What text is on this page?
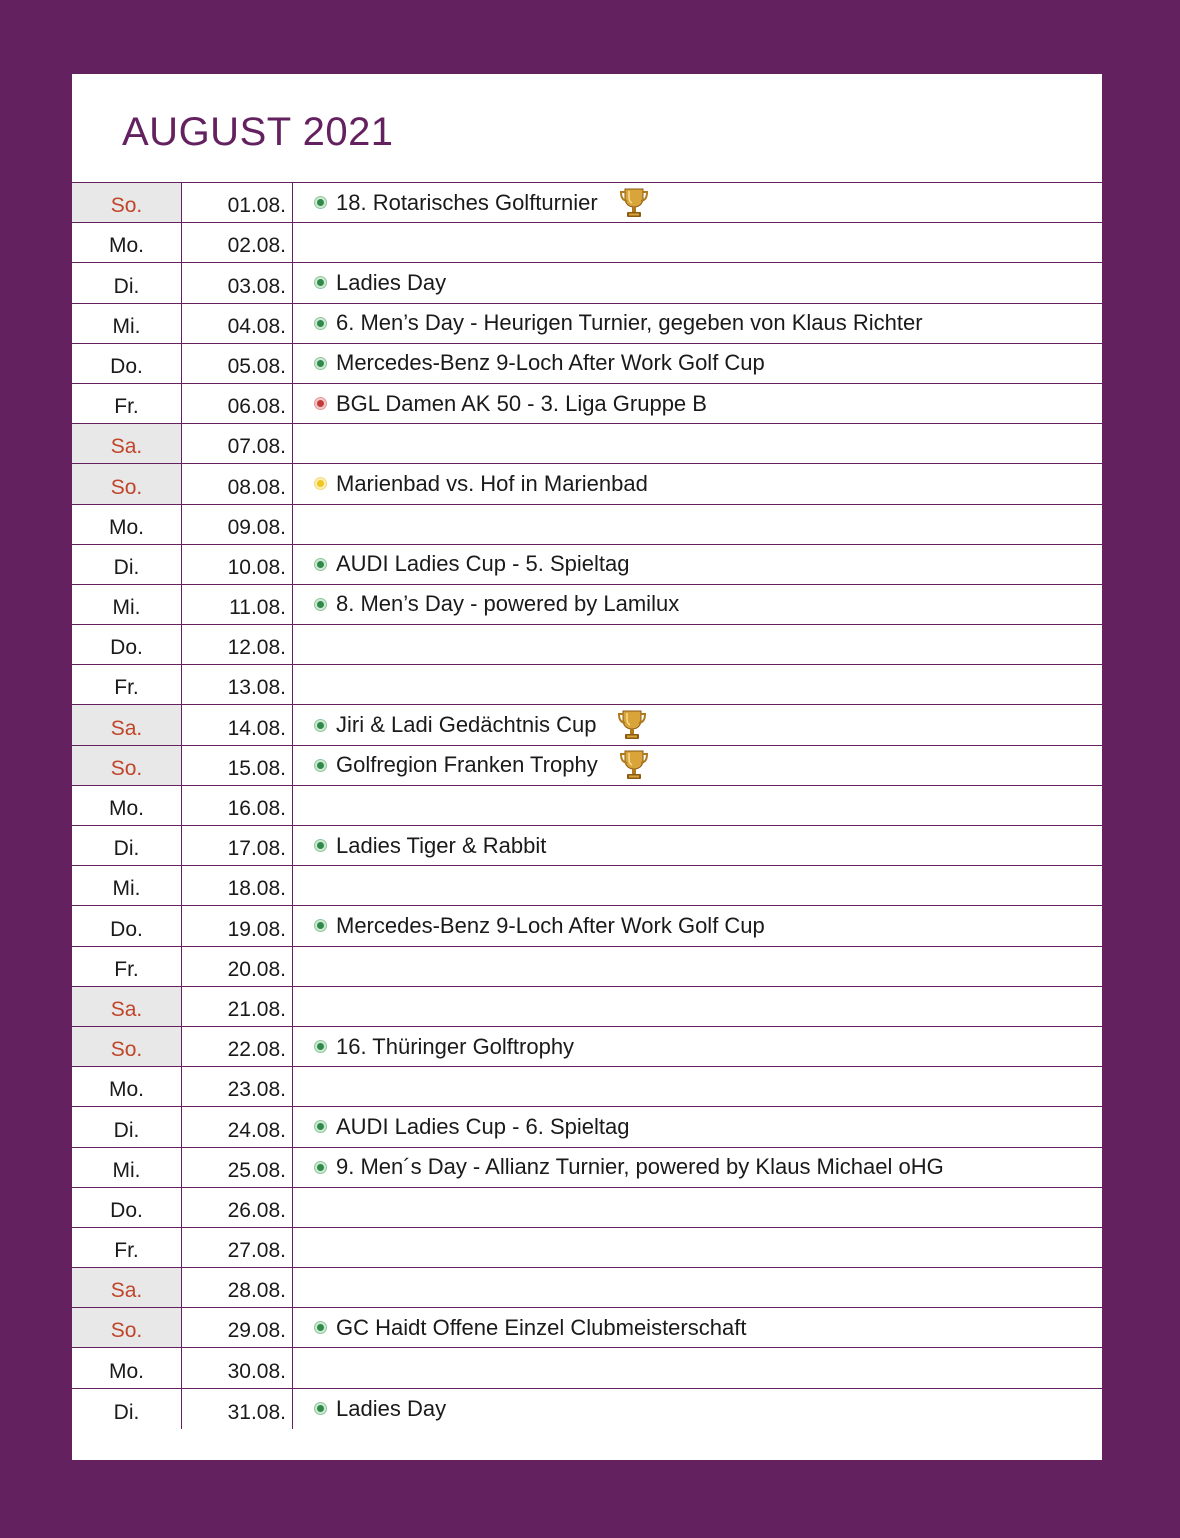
AUGUST 2021
So.	01.08.	18. Rotarisches Golfturnier
Mo.	02.08.
Di.	03.08.	Ladies Day
Mi.	04.08.	6. Men’s Day - Heurigen Turnier, gegeben von Klaus Richter
Do.	05.08.	Mercedes-Benz 9-Loch After Work Golf Cup
Fr.	06.08.	BGL Damen AK 50 - 3. Liga Gruppe B
Sa.	07.08.
So.	08.08.	Marienbad vs. Hof in Marienbad
Mo.	09.08.
Di.	10.08.	AUDI Ladies Cup - 5. Spieltag
Mi.	11.08.	8. Men’s Day - powered by Lamilux
Do.	12.08.
Fr.	13.08.
Sa.	14.08.	Jiri & Ladi Gedächtnis Cup
So.	15.08.	Golfregion Franken Trophy
Mo.	16.08.
Di.	17.08.	Ladies Tiger & Rabbit
Mi.	18.08.
Do.	19.08.	Mercedes-Benz 9-Loch After Work Golf Cup
Fr.	20.08.
Sa.	21.08.
So.	22.08.	16. Thüringer Golftrophy
Mo.	23.08.
Di.	24.08.	AUDI Ladies Cup - 6. Spieltag
Mi.	25.08.	9. Men´s Day - Allianz Turnier, powered by Klaus Michael oHG
Do.	26.08.
Fr.	27.08.
Sa.	28.08.
So.	29.08.	GC Haidt Offene Einzel Clubmeisterschaft
Mo.	30.08.
Di.	31.08.	Ladies Day
